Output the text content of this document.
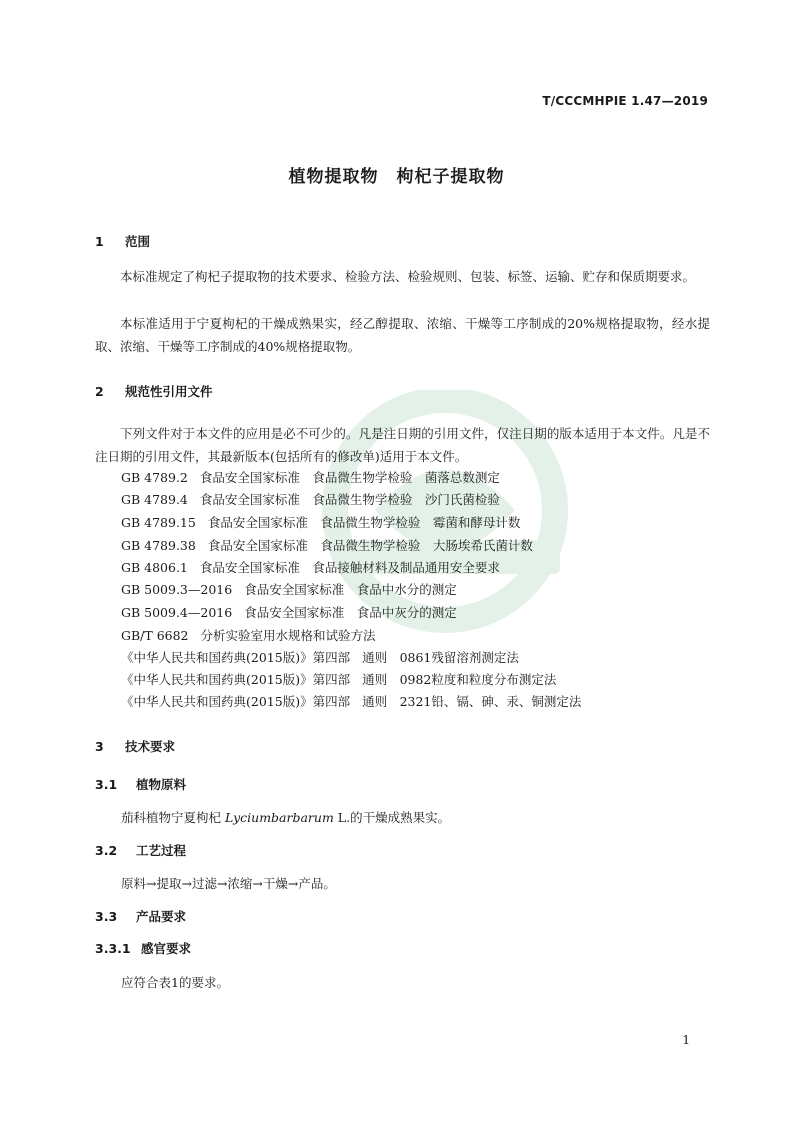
T/CCCMHPIE 1.47—2019
植物提取物　枸杞子提取物
1 范围
本标准规定了枸杞子提取物的技术要求、检验方法、检验规则、包装、标签、运输、贮存和保质期要求。
本标准适用于宁夏枸杞的干燥成熟果实，经乙醇提取、浓缩、干燥等工序制成的20%规格提取物，经水提取、浓缩、干燥等工序制成的40%规格提取物。
2 规范性引用文件
下列文件对于本文件的应用是必不可少的。凡是注日期的引用文件，仅注日期的版本适用于本文件。凡是不注日期的引用文件，其最新版本(包括所有的修改单)适用于本文件。
GB 4789.2 食品安全国家标准　食品微生物学检验　菌落总数测定
GB 4789.4 食品安全国家标准　食品微生物学检验　沙门氏菌检验
GB 4789.15 食品安全国家标准　食品微生物学检验　霉菌和酵母计数
GB 4789.38 食品安全国家标准　食品微生物学检验　大肠埃希氏菌计数
GB 4806.1 食品安全国家标准　食品接触材料及制品通用安全要求
GB 5009.3—2016 食品安全国家标准　食品中水分的测定
GB 5009.4—2016 食品安全国家标准　食品中灰分的测定
GB/T 6682 分析实验室用水规格和试验方法
《中华人民共和国药典(2015版)》第四部 通则　0861残留溶剂测定法
《中华人民共和国药典(2015版)》第四部 通则　0982粒度和粒度分布测定法
《中华人民共和国药典(2015版)》第四部 通则　2321铅、镉、砷、汞、铜测定法
3 技术要求
3.1 植物原料
茄科植物宁夏枸杞 Lyciumbarbarum L.的干燥成熟果实。
3.2 工艺过程
原料→提取→过滤→浓缩→干燥→产品。
3.3 产品要求
3.3.1 感官要求
应符合表1的要求。
1
